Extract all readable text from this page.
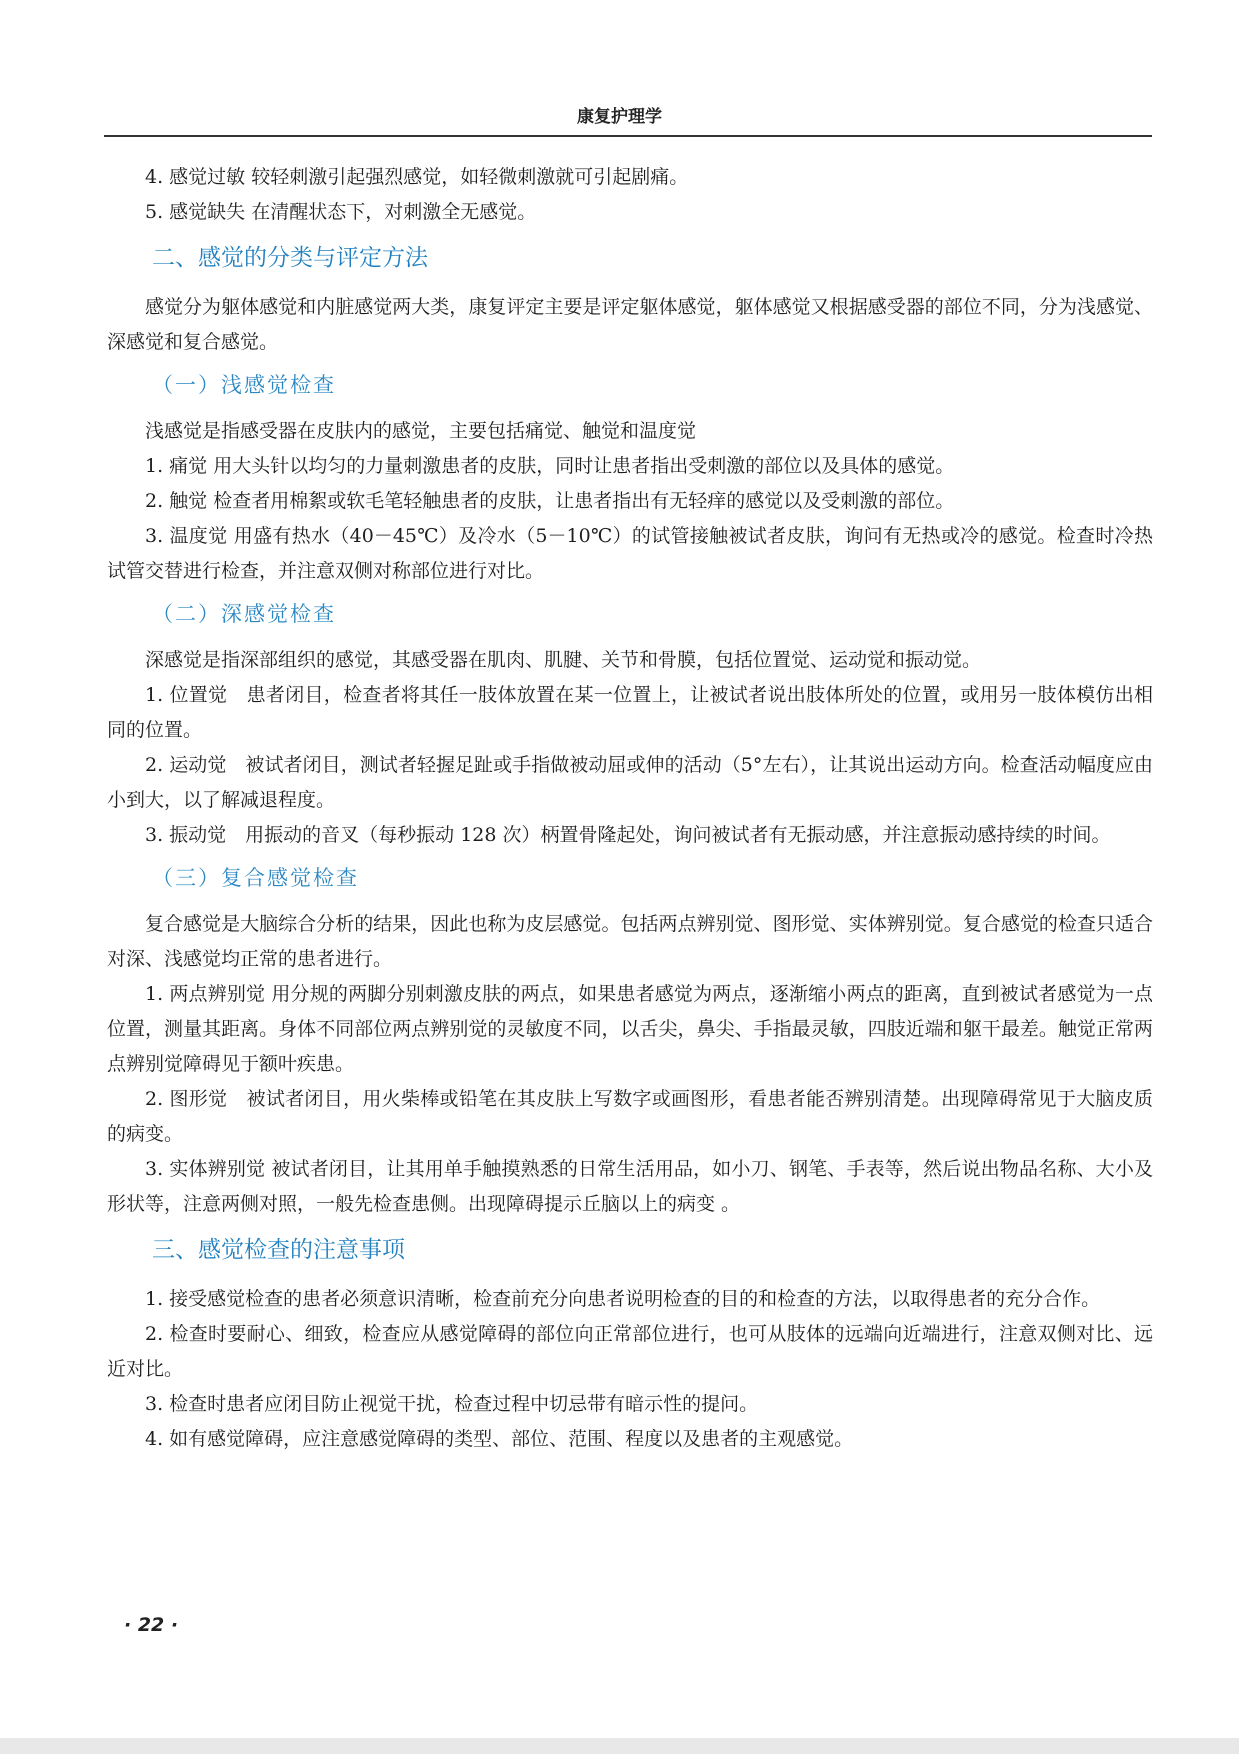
康复护理学

4. 感觉过敏 较轻刺激引起强烈感觉，如轻微刺激就可引起剧痛。

5. 感觉缺失 在清醒状态下，对刺激全无感觉。

二、感觉的分类与评定方法

感觉分为躯体感觉和内脏感觉两大类，康复评定主要是评定躯体感觉，躯体感觉又根据感受器的部位不同，分为浅感觉、深感觉和复合感觉。

（一）浅感觉检查

浅感觉是指感受器在皮肤内的感觉，主要包括痛觉、触觉和温度觉

1. 痛觉 用大头针以均匀的力量刺激患者的皮肤，同时让患者指出受刺激的部位以及具体的感觉。

2. 触觉 检查者用棉絮或软毛笔轻触患者的皮肤，让患者指出有无轻痒的感觉以及受刺激的部位。

3. 温度觉 用盛有热水（40－45℃）及冷水（5－10℃）的试管接触被试者皮肤，询问有无热或冷的感觉。检查时冷热试管交替进行检查，并注意双侧对称部位进行对比。

（二）深感觉检查

深感觉是指深部组织的感觉，其感受器在肌肉、肌腱、关节和骨膜，包括位置觉、运动觉和振动觉。

1. 位置觉　患者闭目，检查者将其任一肢体放置在某一位置上，让被试者说出肢体所处的位置，或用另一肢体模仿出相同的位置。

2. 运动觉　被试者闭目，测试者轻握足趾或手指做被动屈或伸的活动（5°左右），让其说出运动方向。检查活动幅度应由小到大，以了解减退程度。

3. 振动觉　用振动的音叉（每秒振动 128 次）柄置骨隆起处，询问被试者有无振动感，并注意振动感持续的时间。

（三）复合感觉检查

复合感觉是大脑综合分析的结果，因此也称为皮层感觉。包括两点辨别觉、图形觉、实体辨别觉。复合感觉的检查只适合对深、浅感觉均正常的患者进行。

1. 两点辨别觉 用分规的两脚分别刺激皮肤的两点，如果患者感觉为两点，逐渐缩小两点的距离，直到被试者感觉为一点位置，测量其距离。身体不同部位两点辨别觉的灵敏度不同，以舌尖，鼻尖、手指最灵敏，四肢近端和躯干最差。触觉正常两点辨别觉障碍见于额叶疾患。

2. 图形觉　被试者闭目，用火柴棒或铅笔在其皮肤上写数字或画图形，看患者能否辨别清楚。出现障碍常见于大脑皮质的病变。

3. 实体辨别觉 被试者闭目，让其用单手触摸熟悉的日常生活用品，如小刀、钢笔、手表等，然后说出物品名称、大小及形状等，注意两侧对照，一般先检查患侧。出现障碍提示丘脑以上的病变 。

三、感觉检查的注意事项

1. 接受感觉检查的患者必须意识清晰，检查前充分向患者说明检查的目的和检查的方法，以取得患者的充分合作。

2. 检查时要耐心、细致，检查应从感觉障碍的部位向正常部位进行，也可从肢体的远端向近端进行，注意双侧对比、远近对比。

3. 检查时患者应闭目防止视觉干扰，检查过程中切忌带有暗示性的提问。

4. 如有感觉障碍，应注意感觉障碍的类型、部位、范围、程度以及患者的主观感觉。

· 22 ·
